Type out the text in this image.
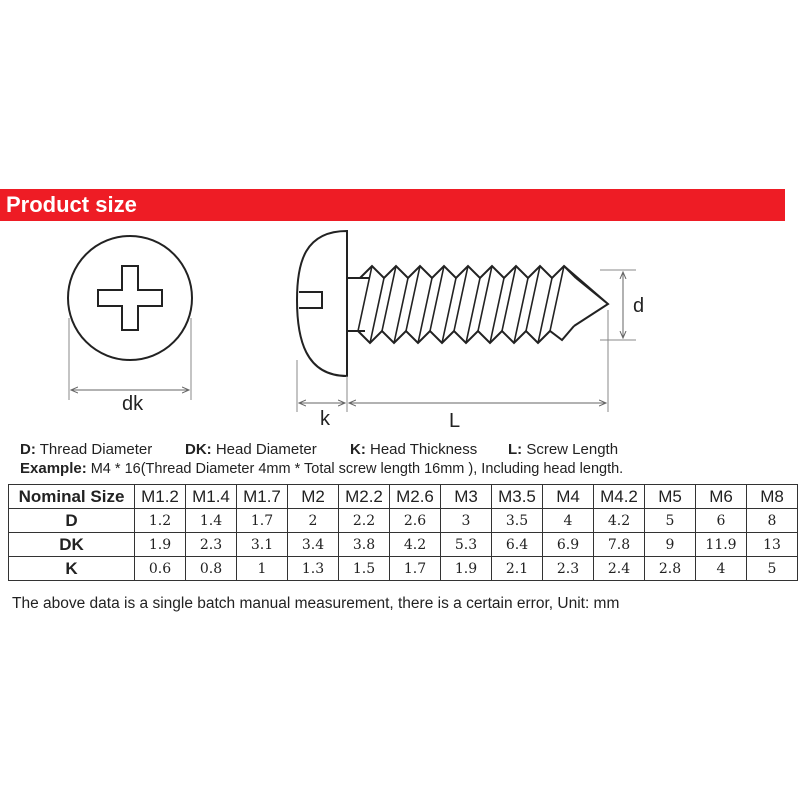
Product size
dk
d
k	L
D: Thread Diameter DK: Head Diameter K: Head Thickness L: Screw Length
Example: M4 * 16(Thread Diameter 4mm * Total screw length 16mm ), Including head length.
Nominal Size	M1.2	M1.4	M1.7	M2	M2.2	M2.6	M3	M3.5	M4	M4.2	M5	M6	M8
D	1.2	1.4	1.7	2	2.2	2.6	3	3.5	4	4.2	5	6	8
DK	1.9	2.3	3.1	3.4	3.8	4.2	5.3	6.4	6.9	7.8	9	11.9	13
K	0.6	0.8	1	1.3	1.5	1.7	1.9	2.1	2.3	2.4	2.8	4	5
The above data is a single batch manual measurement, there is a certain error, Unit: mm
